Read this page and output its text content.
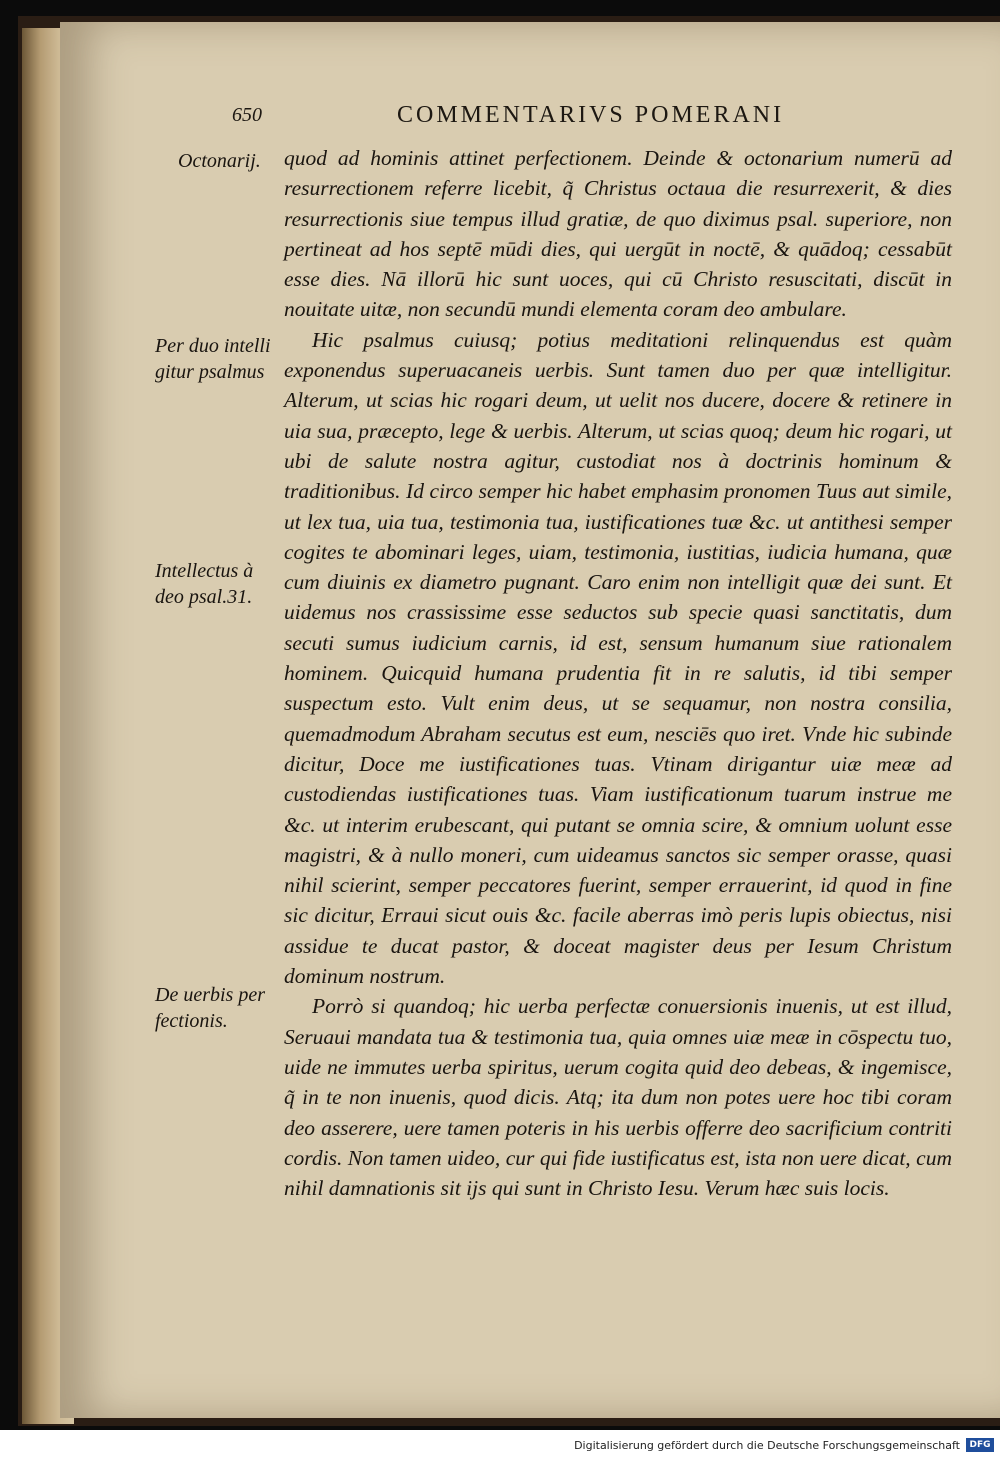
650	COMMENTARIVS POMERANI
Octonarij.
Per duo intelli gitur psalmus
Intellectus à deo psal.31.
De uerbis per fectionis.

quod ad hominis attinet perfectionem. Deinde & octonarium numerū ad resurrectionem referre licebit, q̃ Christus octaua die resurrexerit, & dies resurrectionis siue tempus illud gratiæ, de quo diximus psal. superiore, non pertineat ad hos septē mūdi dies, qui uergūt in noctē, & quādoq; cessabūt esse dies. Nā illorū hic sunt uoces, qui cū Christo resuscitati, discūt in nouitate uitæ, non secundū mundi elementa coram deo ambulare.

Hic psalmus cuiusq; potius meditationi relinquendus est quàm exponendus superuacaneis uerbis. Sunt tamen duo per quæ intelligitur. Alterum, ut scias hic rogari deum, ut uelit nos ducere, docere & retinere in uia sua, præcepto, lege & uerbis. Alterum, ut scias quoq; deum hic rogari, ut ubi de salute nostra agitur, custodiat nos à doctrinis hominum & traditionibus. Id circo semper hic habet emphasim pronomen Tuus aut simile, ut lex tua, uia tua, testimonia tua, iustificationes tuæ &c. ut antithesi semper cogites te abominari leges, uiam, testimonia, iustitias, iudicia humana, quæ cum diuinis ex diametro pugnant. Caro enim non intelligit quæ dei sunt. Et uidemus nos crassissime esse seductos sub specie quasi sanctitatis, dum secuti sumus iudicium carnis, id est, sensum humanum siue rationalem hominem. Quicquid humana prudentia fit in re salutis, id tibi semper suspectum esto. Vult enim deus, ut se sequamur, non nostra consilia, quemadmodum Abraham secutus est eum, nesciēs quo iret. Vnde hic subinde dicitur, Doce me iustificationes tuas. Vtinam dirigantur uiæ meæ ad custodiendas iustificationes tuas. Viam iustificationum tuarum instrue me &c. ut interim erubescant, qui putant se omnia scire, & omnium uolunt esse magistri, & à nullo moneri, cum uideamus sanctos sic semper orasse, quasi nihil scierint, semper peccatores fuerint, semper errauerint, id quod in fine sic dicitur, Erraui sicut ouis &c. facile aberras imò peris lupis obiectus, nisi assidue te ducat pastor, & doceat magister deus per Iesum Christum dominum nostrum.

Porrò si quandoq; hic uerba perfectæ conuersionis inuenis, ut est illud, Seruaui mandata tua & testimonia tua, quia omnes uiæ meæ in cōspectu tuo, uide ne immutes uerba spiritus, uerum cogita quid deo debeas, & ingemisce, q̃ in te non inuenis, quod dicis. Atq; ita dum non potes uere hoc tibi coram deo asserere, uere tamen poteris in his uerbis offerre deo sacrificium contriti cordis. Non tamen uideo, cur qui fide iustificatus est, ista non uere dicat, cum nihil damnationis sit ijs qui sunt in Christo Iesu. Verum hæc suis locis.

Digitalisierung gefördert durch die Deutsche Forschungsgemeinschaft	DFG
